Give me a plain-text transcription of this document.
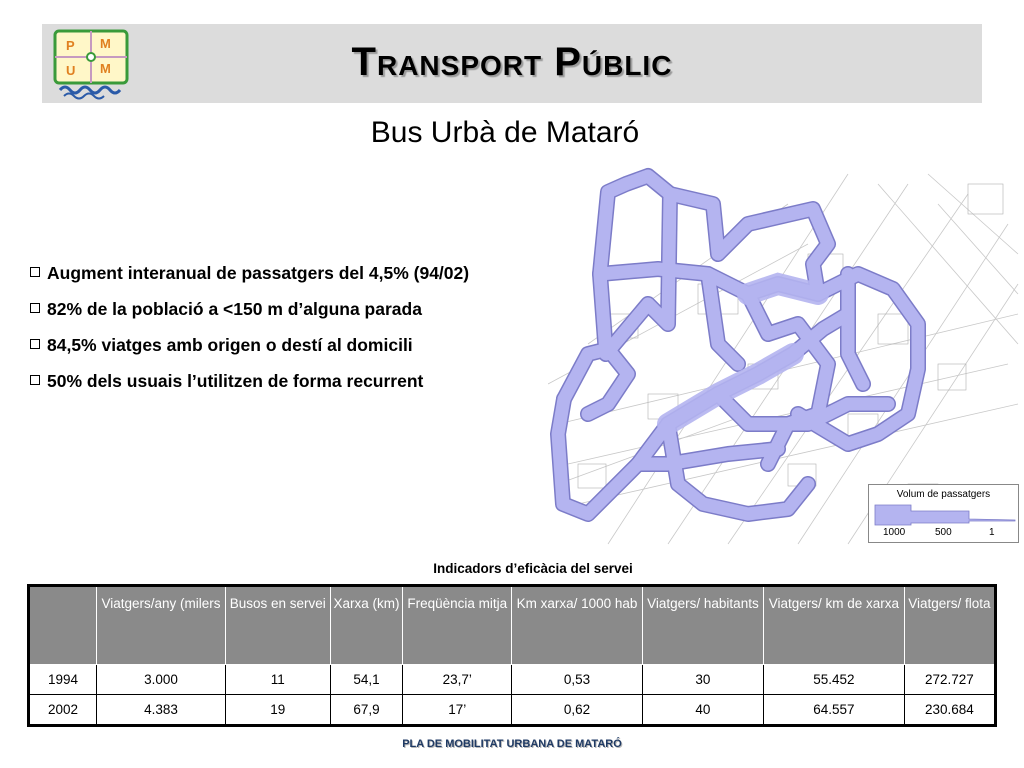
P M
U M	Transport Públic
Bus Urbà de Mataró
Augment interanual de passatgers del 4,5% (94/02)
82% de la població a <150 m d’alguna parada
84,5% viatges amb origen o destí al domicili
50% dels usuais l’utilitzen de forma recurrent
Volum de passatgers
1000	500	1
Indicadors d’eficàcia del servei
	Viatgers/any (milers	Busos en servei	Xarxa (km)	Freqüència mitja	Km xarxa/ 1000 hab	Viatgers/ habitants	Viatgers/ km de xarxa	Viatgers/ flota
1994	3.000	11	54,1	23,7’	0,53	30	55.452	272.727
2002	4.383	19	67,9	17’	0,62	40	64.557	230.684
PLA DE MOBILITAT URBANA DE MATARÓ
